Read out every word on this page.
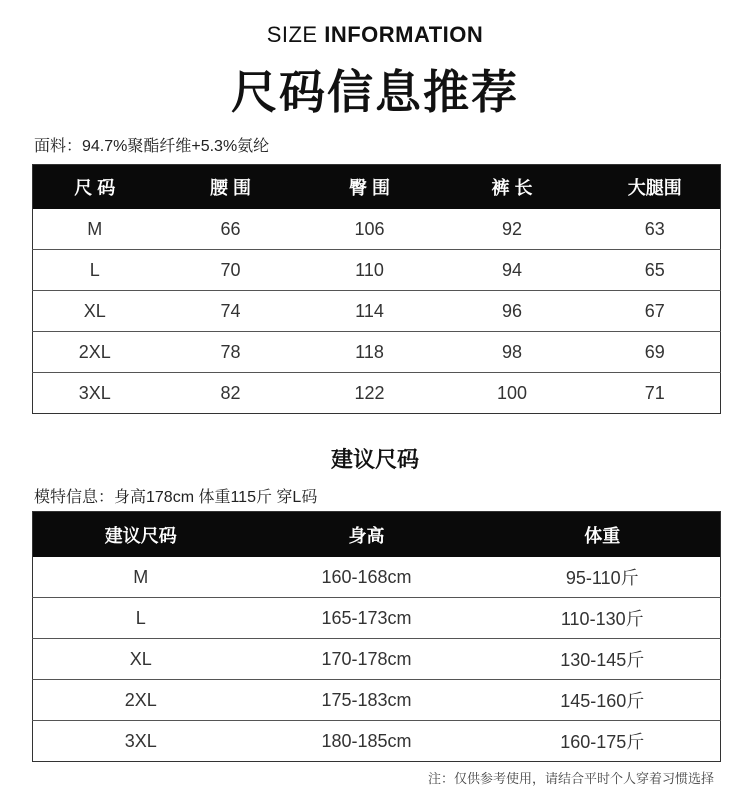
SIZE INFORMATION
尺码信息推荐
面料：94.7%聚酯纤维+5.3%氨纶
尺 码	腰 围	臀 围	裤 长	大腿围
M	66	106	92	63
L	70	110	94	65
XL	74	114	96	67
2XL	78	118	98	69
3XL	82	122	100	71
建议尺码
模特信息：身高178cm 体重115斤 穿L码
建议尺码	身高	体重
M	160-168cm	95-110斤
L	165-173cm	110-130斤
XL	170-178cm	130-145斤
2XL	175-183cm	145-160斤
3XL	180-185cm	160-175斤
注：仅供参考使用，请结合平时个人穿着习惯选择
